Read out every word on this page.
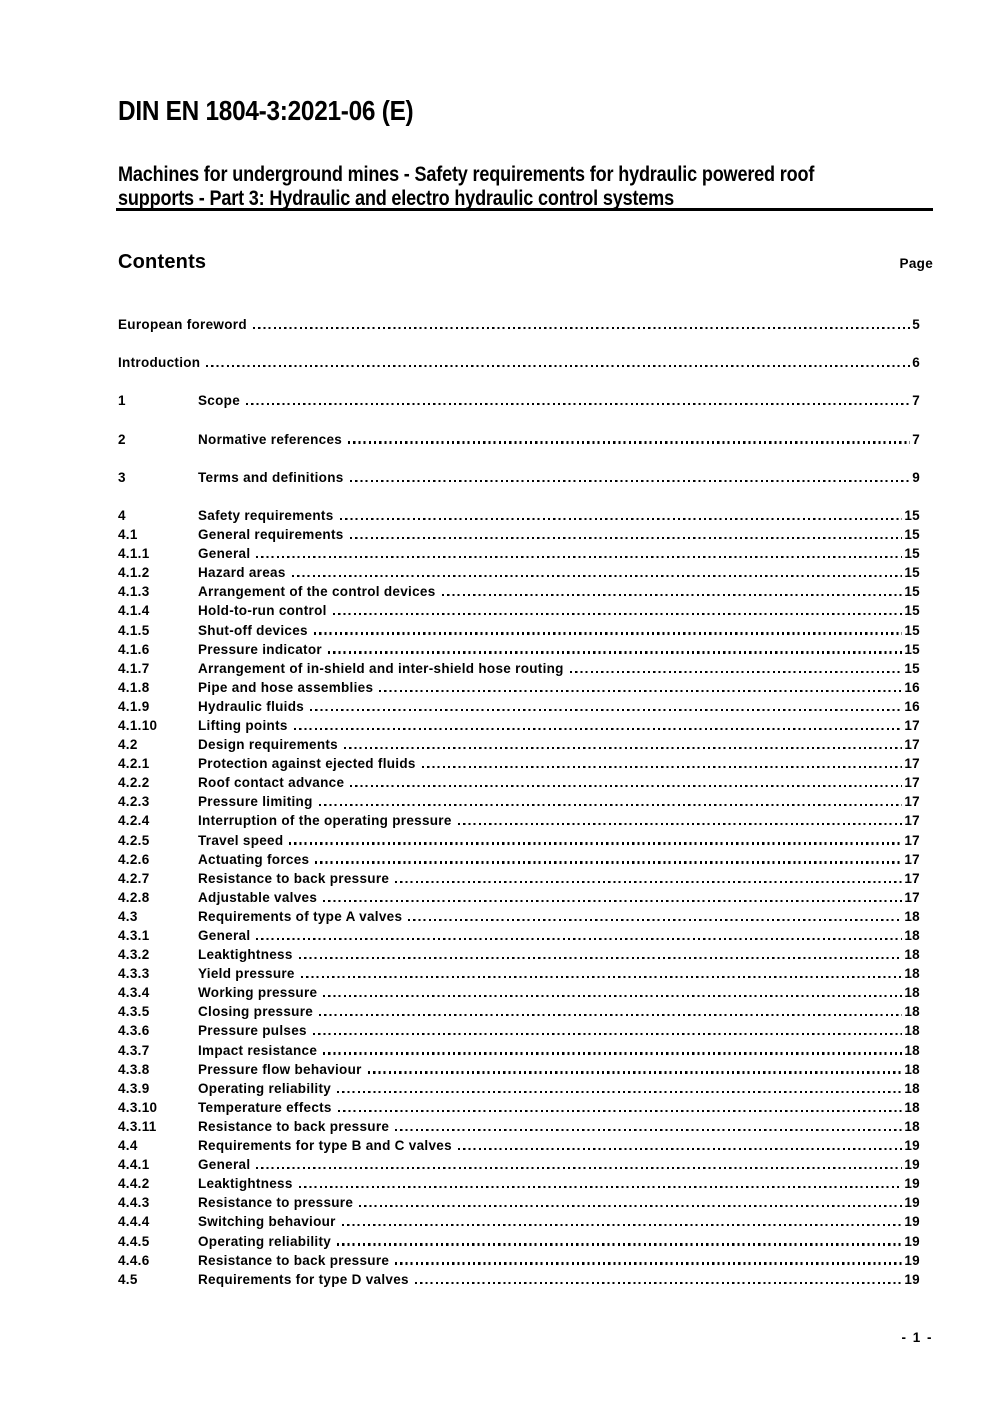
DIN EN 1804-3:2021-06 (E)
Machines for underground mines - Safety requirements for hydraulic powered roof
supports - Part 3: Hydraulic and electro hydraulic control systems
Contents	Page
European foreword	5
Introduction	6
1	Scope	7
2	Normative references	7
3	Terms and definitions	9
4	Safety requirements	15
4.1	General requirements	15
4.1.1	General	15
4.1.2	Hazard areas	15
4.1.3	Arrangement of the control devices	15
4.1.4	Hold-to-run control	15
4.1.5	Shut-off devices	15
4.1.6	Pressure indicator	15
4.1.7	Arrangement of in-shield and inter-shield hose routing	15
4.1.8	Pipe and hose assemblies	16
4.1.9	Hydraulic fluids	16
4.1.10	Lifting points	17
4.2	Design requirements	17
4.2.1	Protection against ejected fluids	17
4.2.2	Roof contact advance	17
4.2.3	Pressure limiting	17
4.2.4	Interruption of the operating pressure	17
4.2.5	Travel speed	17
4.2.6	Actuating forces	17
4.2.7	Resistance to back pressure	17
4.2.8	Adjustable valves	17
4.3	Requirements of type A valves	18
4.3.1	General	18
4.3.2	Leaktightness	18
4.3.3	Yield pressure	18
4.3.4	Working pressure	18
4.3.5	Closing pressure	18
4.3.6	Pressure pulses	18
4.3.7	Impact resistance	18
4.3.8	Pressure flow behaviour	18
4.3.9	Operating reliability	18
4.3.10	Temperature effects	18
4.3.11	Resistance to back pressure	18
4.4	Requirements for type B and C valves	19
4.4.1	General	19
4.4.2	Leaktightness	19
4.4.3	Resistance to pressure	19
4.4.4	Switching behaviour	19
4.4.5	Operating reliability	19
4.4.6	Resistance to back pressure	19
4.5	Requirements for type D valves	19
- 1 -
